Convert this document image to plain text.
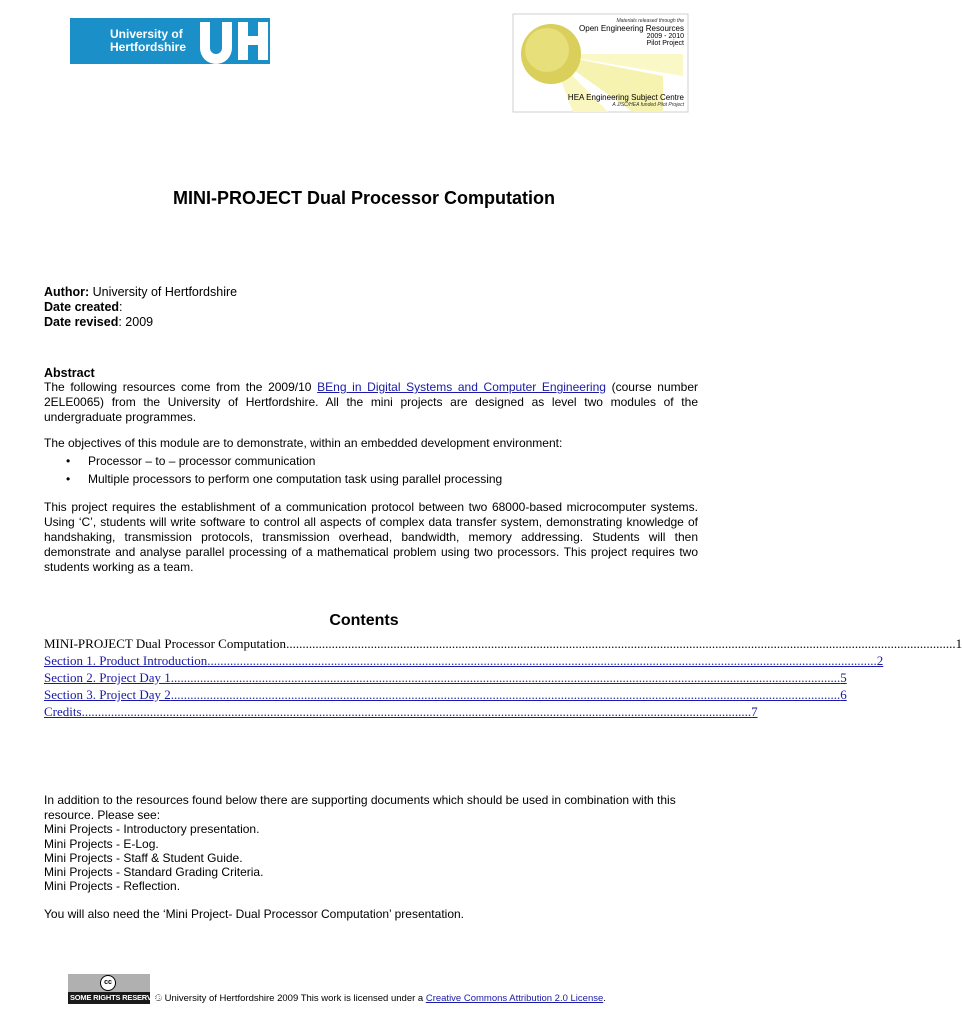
University of
Hertfordshire
Materials released through the
Open Engineering Resources
2009 - 2010
Pilot Project
HEA Engineering Subject Centre
A JISC/HEA funded Pilot Project
MINI-PROJECT Dual Processor Computation
Author: University of Hertfordshire
Date created:
Date revised: 2009
Abstract
The following resources come from the 2009/10 BEng in Digital Systems and Computer Engineering (course number 2ELE0065) from the University of Hertfordshire. All the mini projects are designed as level two modules of the undergraduate programmes.
The objectives of this module are to demonstrate, within an embedded development environment:
• Processor – to – processor communication
• Multiple processors to perform one computation task using parallel processing
This project requires the establishment of a communication protocol between two 68000-based microcomputer systems. Using ‘C’, students will write software to control all aspects of complex data transfer system, demonstrating knowledge of handshaking, transmission protocols, transmission overhead, bandwidth, memory addressing. Students will then demonstrate and analyse parallel processing of a mathematical problem using two processors. This project requires two students working as a team.
Contents
MINI-PROJECT Dual Processor Computation .............................................................................................................................................................................................................. 1
Section 1. Product Introduction .............................................................................................................................................................................................................. 2
Section 2. Project Day 1 .............................................................................................................................................................................................................. 5
Section 3. Project Day 2 .............................................................................................................................................................................................................. 6
Credits .............................................................................................................................................................................................................. 7
In addition to the resources found below there are supporting documents which should be used in combination with this resource. Please see:
Mini Projects - Introductory presentation.
Mini Projects - E-Log.
Mini Projects - Staff & Student Guide.
Mini Projects - Standard Grading Criteria.
Mini Projects - Reflection.
You will also need the ‘Mini Project- Dual Processor Computation’ presentation.
cc
SOME RIGHTS RESERVED
© University of Hertfordshire 2009 This work is licensed under a Creative Commons Attribution 2.0 License.
